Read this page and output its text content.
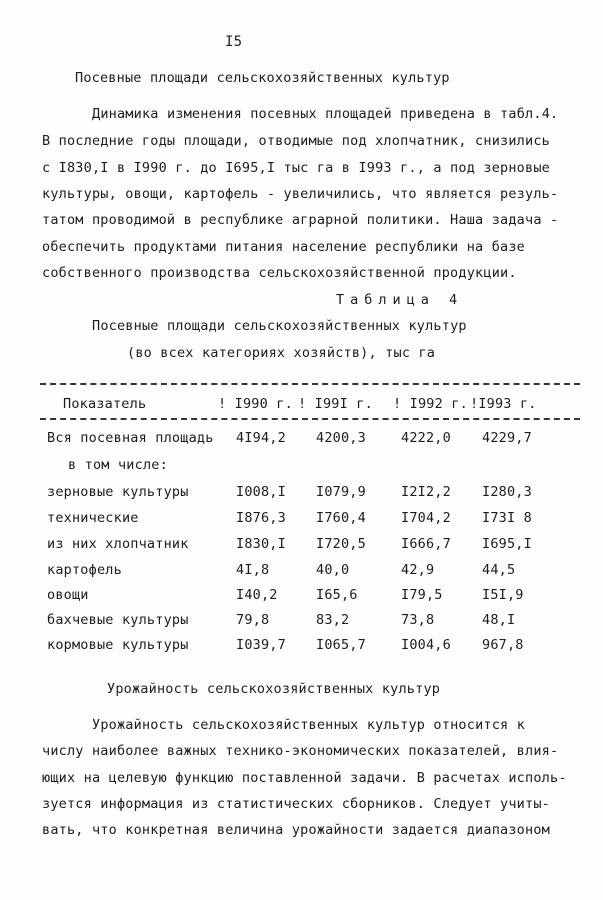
I5
Посевные площади сельскохозяйственных культур
Динамика изменения посевных площадей приведена в табл.4.
В последние годы площади, отводимые под хлопчатник, снизились
с I830,I в I990 г. до I695,I тыс га в I993 г., а под зерновые
культуры, овощи, картофель - увеличились, что является резуль-
татом проводимой в республике аграрной политики. Наша задача -
обеспечить продуктами питания население республики на базе
собственного производства сельскохозяйственной продукции.
Таблица 4
Посевные площади сельскохозяйственных культур
(во всех категориях хозяйств), тыс га
Показатель	! I990 г. ! I99I г. ! I992 г. !I993 г.
Вся посевная площадь 4I94,2 4200,3	4222,0 4229,7
в том числе:
зерновые культуры	I008,I I079,9	I2I2,2 I280,3
технические	I876,3 I760,4	I704,2 I73I 8
из них хлопчатник	I830,I I720,5	I666,7 I695,I
картофель	4I,8	40,0	42,9	44,5
овощи	I40,2	I65,6	I79,5	I5I,9
бахчевые культуры	79,8	83,2	73,8	48,I
кормовые культуры	I039,7 I065,7	I004,6 967,8
Урожайность сельскохозяйственных культур
Урожайность сельскохозяйственных культур относится к
числу наиболее важных технико-экономических показателей, влия-
ющих на целевую функцию поставленной задачи. В расчетах исполь-
зуется информация из статистических сборников. Следует учиты-
вать, что конкретная величина урожайности задается диапазоном
